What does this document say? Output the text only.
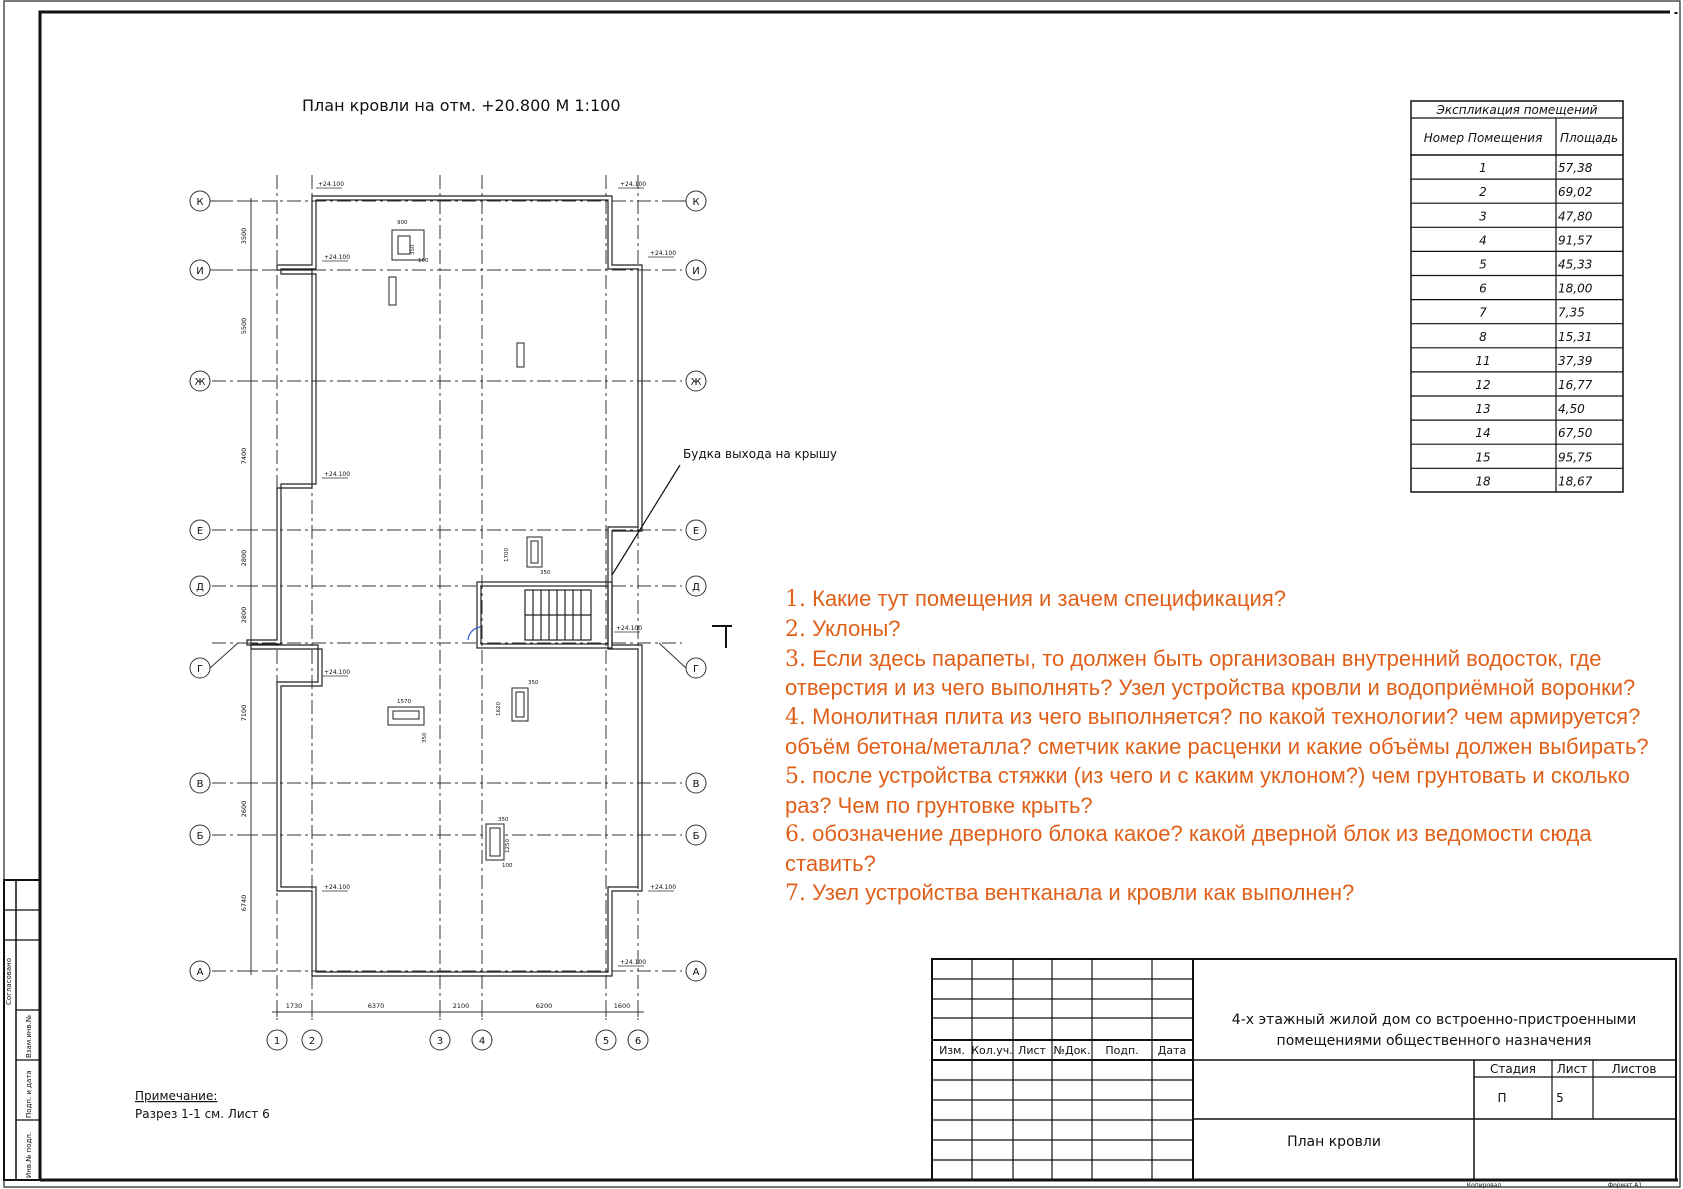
Согласовано
Взам.инв.№
Подп. и дата
Инв.№ подл.
План кровли на отм. +20.800 М 1:100
К	К
И	И
Ж	Ж
Е	Е
Д	Д
Г	Г
В	В
Б	Б
А	А
1	2	3	4	5	6
3500
5500
7400
2800
2800
7100
2600
6740
1730	6370	2100	6200	1600
+24.100	+24.100
+24.100
+24.100
+24.100
+24.100
+24.100
+24.100	+24.100
+24.100
Будка выхода на крышу
900
350
100
1700
350
1570
350
350
1620
350
1250
100
Примечание:
Разрез 1-1 см. Лист 6
Экспликация помещений
Номер Помещения Площадь
1	57,38
2	69,02
3	47,80
4	91,57
5	45,33
6	18,00
7	7,35
8	15,31
11	37,39
12	16,77
13	4,50
14	67,50
15	95,75
18	18,67
Изм. Кол.уч. Лист №Док. Подп. Дата
4-х этажный жилой дом со встроенно-пристроенными
помещениями общественного назначения
Стадия Лист Листов
П	5
План кровли
Копировал	Формат А1

1. Какие тут помещения и зачем спецификация?

2. Уклоны?

3. Если здесь парапеты, то должен быть организован внутренний водосток, где отверстия и из чего выполнять? Узел устройства кровли и водоприёмной воронки?

4. Монолитная плита из чего выполняется? по какой технологии? чем армируется? объём бетона/металла? сметчик какие расценки и какие объёмы должен выбирать?

5. после устройства стяжки (из чего и с каким уклоном?) чем грунтовать и сколько раз? Чем по грунтовке крыть?

6. обозначение дверного блока какое? какой дверной блок из ведомости сюда ставить?

7. Узел устройства вентканала и кровли как выполнен?
